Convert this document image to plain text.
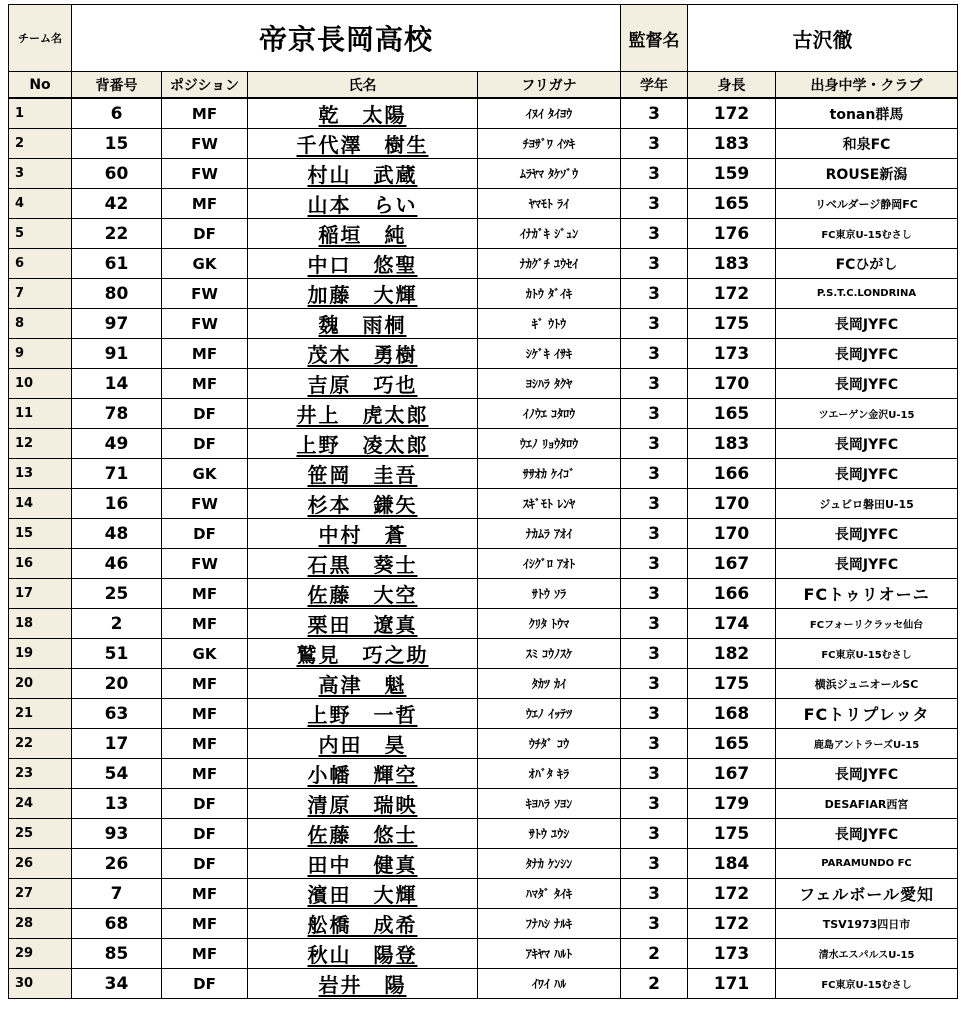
チーム名	帝京長岡高校				監督名	古沢徹	
No	背番号	ポジション	氏名	フリガナ	学年	身長	出身中学・クラブ
1	6	MF	乾　太陽	ｲﾇｲ ﾀｲﾖｳ	3	172	tonan群馬
2	15	FW	千代澤　樹生	ﾁﾖｻﾞﾜ ｲﾂｷ	3	183	和泉FC
3	60	FW	村山　武蔵	ﾑﾗﾔﾏ ﾀｹｿﾞｳ	3	159	ROUSE新潟
4	42	MF	山本　らい	ﾔﾏﾓﾄ ﾗｲ	3	165	リベルダージ静岡FC
5	22	DF	稲垣　純	ｲﾅｶﾞｷ ｼﾞｭﾝ	3	176	FC東京U-15むさし
6	61	GK	中口　悠聖	ﾅｶｸﾞﾁ ﾕｳｾｲ	3	183	FCひがし
7	80	FW	加藤　大輝	ｶﾄｳ ﾀﾞｲｷ	3	172	P.S.T.C.LONDRINA
8	97	FW	魏　雨桐	ｷﾞ ｳﾄｳ	3	175	長岡JYFC
9	91	MF	茂木　勇樹	ｼｹﾞｷ ｲｻｷ	3	173	長岡JYFC
10	14	MF	吉原　巧也	ﾖｼﾊﾗ ﾀｸﾔ	3	170	長岡JYFC
11	78	DF	井上　虎太郎	ｲﾉｳｴ ｺﾀﾛｳ	3	165	ツエーゲン金沢U-15
12	49	DF	上野　凌太郎	ｳｴﾉ ﾘｮｳﾀﾛｳ	3	183	長岡JYFC
13	71	GK	笹岡　圭吾	ｻｻｵｶ ｹｲｺﾞ	3	166	長岡JYFC
14	16	FW	杉本　鎌矢	ｽｷﾞﾓﾄ ﾚﾝﾔ	3	170	ジュビロ磐田U-15
15	48	DF	中村　蒼	ﾅｶﾑﾗ ｱｵｲ	3	170	長岡JYFC
16	46	FW	石黒　葵士	ｲｼｸﾞﾛ ｱｵﾄ	3	167	長岡JYFC
17	25	MF	佐藤　大空	ｻﾄｳ ｿﾗ	3	166	FCトゥリオーニ
18	2	MF	栗田　遼真	ｸﾘﾀ ﾄｳﾏ	3	174	FCフォーリクラッセ仙台
19	51	GK	鷲見　巧之助	ｽﾐ ｺｳﾉｽｹ	3	182	FC東京U-15むさし
20	20	MF	高津　魁	ﾀｶﾂ ｶｲ	3	175	横浜ジュニオールSC
21	63	MF	上野　一哲	ｳｴﾉ ｲｯﾃﾂ	3	168	FCトリプレッタ
22	17	MF	内田　昊	ｳﾁﾀﾞ ｺｳ	3	165	鹿島アントラーズU-15
23	54	MF	小幡　輝空	ｵﾊﾞﾀ ｷﾗ	3	167	長岡JYFC
24	13	DF	清原　瑞映	ｷﾖﾊﾗ ｿﾖﾝ	3	179	DESAFIAR西宮
25	93	DF	佐藤　悠士	ｻﾄｳ ﾕｳｼ	3	175	長岡JYFC
26	26	DF	田中　健真	ﾀﾅｶ ｹﾝｼﾝ	3	184	PARAMUNDO FC
27	7	MF	濱田　大輝	ﾊﾏﾀﾞ ﾀｲｷ	3	172	フェルボール愛知
28	68	MF	舩橋　成希	ﾌﾅﾊｼ ﾅﾙｷ	3	172	TSV1973四日市
29	85	MF	秋山　陽登	ｱｷﾔﾏ ﾊﾙﾄ	2	173	清水エスパルスU-15
30	34	DF	岩井　陽	ｲﾜｲ ﾊﾙ	2	171	FC東京U-15むさし
